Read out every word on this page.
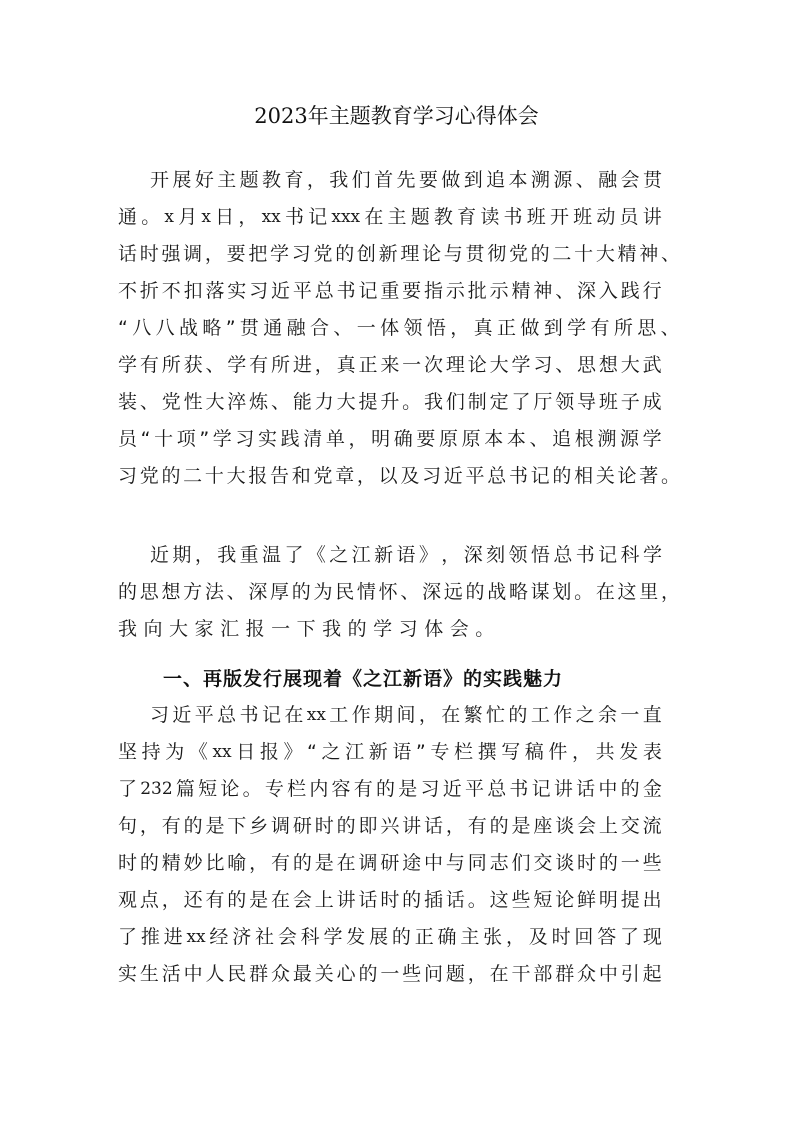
2023年主题教育学习心得体会
开 展 好 主 题 教 育 ， 我 们 首 先 要 做 到 追 本 溯 源 、 融 会 贯
通 。 x 月 x 日 ， xx 书 记 xxx 在 主 题 教 育 读 书 班 开 班 动 员 讲
话 时 强 调 ， 要 把 学 习 党 的 创 新 理 论 与 贯 彻 党 的 二 十 大 精 神 、
不 折 不 扣 落 实 习 近 平 总 书 记 重 要 指 示 批 示 精 神 、 深 入 践 行
“ 八 八 战 略 ” 贯 通 融 合 、 一 体 领 悟 ， 真 正 做 到 学 有 所 思 、
学 有 所 获 、 学 有 所 进 ， 真 正 来 一 次 理 论 大 学 习 、 思 想 大 武
装 、 党 性 大 淬 炼 、 能 力 大 提 升 。 我 们 制 定 了 厅 领 导 班 子 成
员 “ 十 项 ” 学 习 实 践 清 单 ， 明 确 要 原 原 本 本 、 追 根 溯 源 学
习 党 的 二 十 大 报 告 和 党 章 ， 以 及 习 近 平 总 书 记 的 相 关 论 著 。
近 期 ， 我 重 温 了 《 之 江 新 语 》 ， 深 刻 领 悟 总 书 记 科 学
的 思 想 方 法 、 深 厚 的 为 民 情 怀 、 深 远 的 战 略 谋 划 。 在 这 里 ，
我 向 大 家 汇 报 一 下 我 的 学 习 体 会 。
一、再版发行展现着《之江新语》的实践魅力
习 近 平 总 书 记 在 xx 工 作 期 间 ， 在 繁 忙 的 工 作 之 余 一 直
坚 持 为 《 xx 日 报 》 “ 之 江 新 语 ” 专 栏 撰 写 稿 件 ， 共 发 表
了 232 篇 短 论 。 专 栏 内 容 有 的 是 习 近 平 总 书 记 讲 话 中 的 金
句 ， 有 的 是 下 乡 调 研 时 的 即 兴 讲 话 ， 有 的 是 座 谈 会 上 交 流
时 的 精 妙 比 喻 ， 有 的 是 在 调 研 途 中 与 同 志 们 交 谈 时 的 一 些
观 点 ， 还 有 的 是 在 会 上 讲 话 时 的 插 话 。 这 些 短 论 鲜 明 提 出
了 推 进 xx 经 济 社 会 科 学 发 展 的 正 确 主 张 ， 及 时 回 答 了 现
实 生 活 中 人 民 群 众 最 关 心 的 一 些 问 题 ， 在 干 部 群 众 中 引 起
